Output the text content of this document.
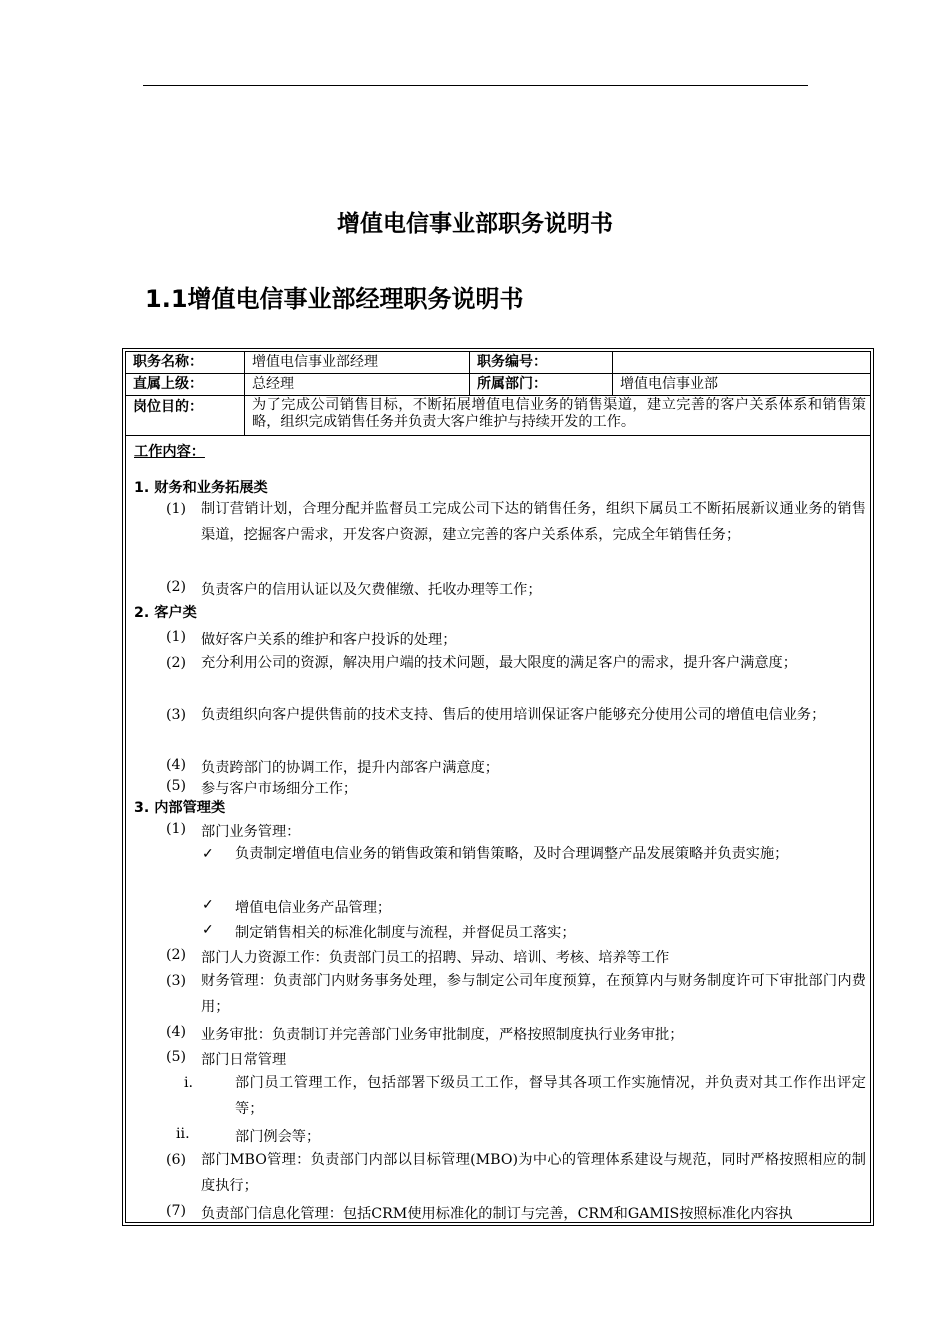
增值电信事业部职务说明书
1.1增值电信事业部经理职务说明书
职务名称：	增值电信事业部经理	职务编号：
直属上级：	总经理	所属部门：	增值电信事业部
岗位目的：	为了完成公司销售目标，不断拓展增值电信业务的销售渠道，建立完善的客户关系体系和销售策略，组织完成销售任务并负责大客户维护与持续开发的工作。
工作内容：
1. 财务和业务拓展类
(1) 制订营销计划，合理分配并监督员工完成公司下达的销售任务，组织下属员工不断拓展新议通业务的销售渠道，挖掘客户需求，开发客户资源，建立完善的客户关系体系，完成全年销售任务；
(2) 负责客户的信用认证以及欠费催缴、托收办理等工作；
2. 客户类
(1) 做好客户关系的维护和客户投诉的处理；
(2) 充分利用公司的资源，解决用户端的技术问题，最大限度的满足客户的需求，提升客户满意度；
(3) 负责组织向客户提供售前的技术支持、售后的使用培训保证客户能够充分使用公司的增值电信业务；
(4) 负责跨部门的协调工作，提升内部客户满意度；
(5) 参与客户市场细分工作；
3. 内部管理类
(1) 部门业务管理：
✓ 负责制定增值电信业务的销售政策和销售策略，及时合理调整产品发展策略并负责实施；
✓ 增值电信业务产品管理；
✓ 制定销售相关的标准化制度与流程，并督促员工落实；
(2) 部门人力资源工作：负责部门员工的招聘、异动、培训、考核、培养等工作
(3) 财务管理：负责部门内财务事务处理，参与制定公司年度预算，在预算内与财务制度许可下审批部门内费用；
(4) 业务审批：负责制订并完善部门业务审批制度，严格按照制度执行业务审批；
(5) 部门日常管理
i.	部门员工管理工作，包括部署下级员工工作，督导其各项工作实施情况，并负责对其工作作出评定等；
ii.	部门例会等；
(6) 部门MBO管理：负责部门内部以目标管理(MBO)为中心的管理体系建设与规范，同时严格按照相应的制度执行；
(7) 负责部门信息化管理：包括CRM使用标准化的制订与完善，CRM和GAMIS按照标准化内容执
